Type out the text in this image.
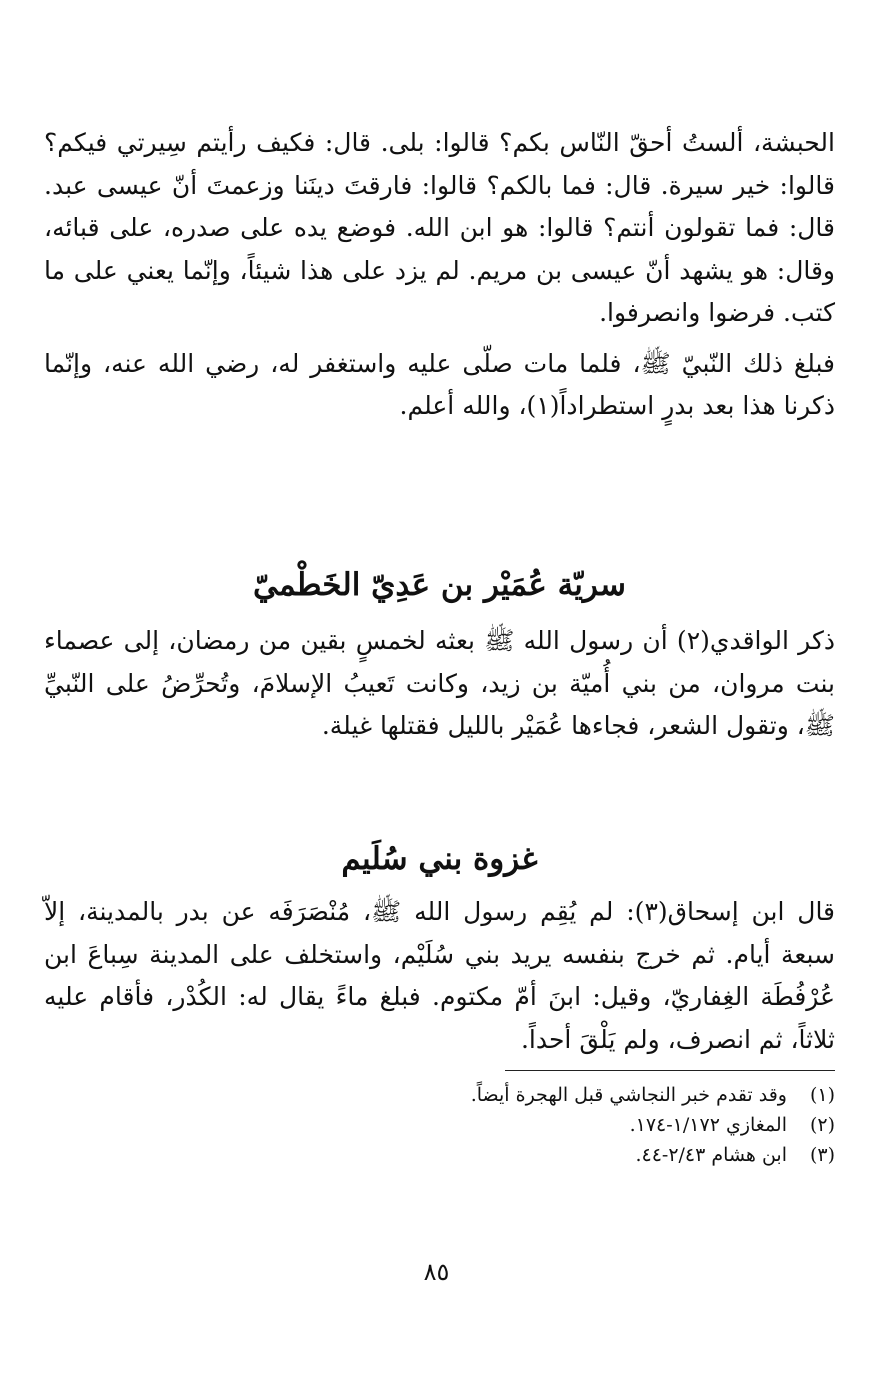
الحبشة، ألستُ أحقّ النّاس بكم؟ قالوا: بلى. قال: فكيف رأيتم سِيرتي فيكم؟ قالوا: خير سيرة. قال: فما بالكم؟ قالوا: فارقتَ دينَنا وزعمتَ أنّ عيسى عبد. قال: فما تقولون أنتم؟ قالوا: هو ابن الله. فوضع يده على صدره، على قبائه، وقال: هو يشهد أنّ عيسى بن مريم. لم يزد على هذا شيئاً، وإنّما يعني على ما كتب. فرضوا وانصرفوا.

فبلغ ذلك النّبيّ ﷺ، فلما مات صلّى عليه واستغفر له، رضي الله عنه، وإنّما ذكرنا هذا بعد بدرٍ استطراداً(١)، والله أعلم.

سريّة عُمَيْر بن عَدِيّ الخَطْميّ

ذكر الواقدي(٢) أن رسول الله ﷺ بعثه لخمسٍ بقين من رمضان، إلى عصماء بنت مروان، من بني أُميّة بن زيد، وكانت تَعيبُ الإسلامَ، وتُحرِّضُ على النّبيِّ ﷺ، وتقول الشعر، فجاءها عُمَيْر بالليل فقتلها غيلة.

غزوة بني سُلَيم

قال ابن إسحاق(٣): لم يُقِم رسول الله ﷺ، مُنْصَرَفَه عن بدر بالمدينة، إلاّ سبعة أيام. ثم خرج بنفسه يريد بني سُلَيْم، واستخلف على المدينة سِباعَ ابن عُرْفُطَة الغِفاريّ، وقيل: ابنَ أمّ مكتوم. فبلغ ماءً يقال له: الكُدْر، فأقام عليه ثلاثاً، ثم انصرف، ولم يَلْقَ أحداً.

(١)
وقد تقدم خبر النجاشي قبل الهجرة أيضاً.
(٢)
المغازي ١/١٧٢-١٧٤.
(٣)
ابن هشام ٢/٤٣-٤٤.
٨٥
